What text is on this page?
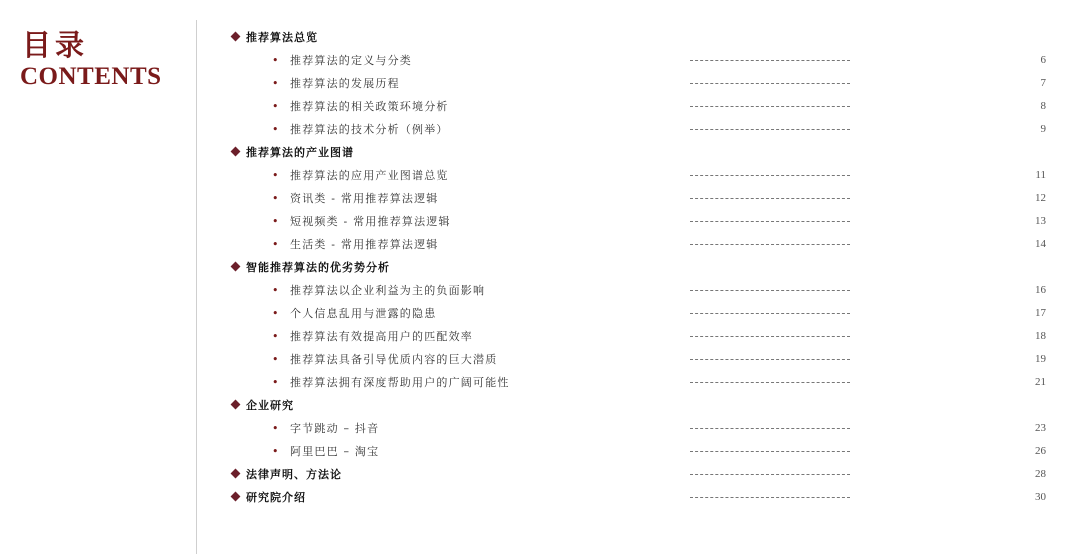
目录
CONTENTS
推荐算法总览
• 推荐算法的定义与分类	6
• 推荐算法的发展历程	7
• 推荐算法的相关政策环境分析	8
• 推荐算法的技术分析（例举）	9
推荐算法的产业图谱
• 推荐算法的应用产业图谱总览	11
• 资讯类 - 常用推荐算法逻辑	12
• 短视频类 - 常用推荐算法逻辑	13
• 生活类 - 常用推荐算法逻辑	14
智能推荐算法的优劣势分析
• 推荐算法以企业利益为主的负面影响	16
• 个人信息乱用与泄露的隐患	17
• 推荐算法有效提高用户的匹配效率	18
• 推荐算法具备引导优质内容的巨大潜质	19
• 推荐算法拥有深度帮助用户的广阔可能性	21
企业研究
• 字节跳动 – 抖音	23
• 阿里巴巴 – 淘宝	26
法律声明、方法论	28
研究院介绍	30
